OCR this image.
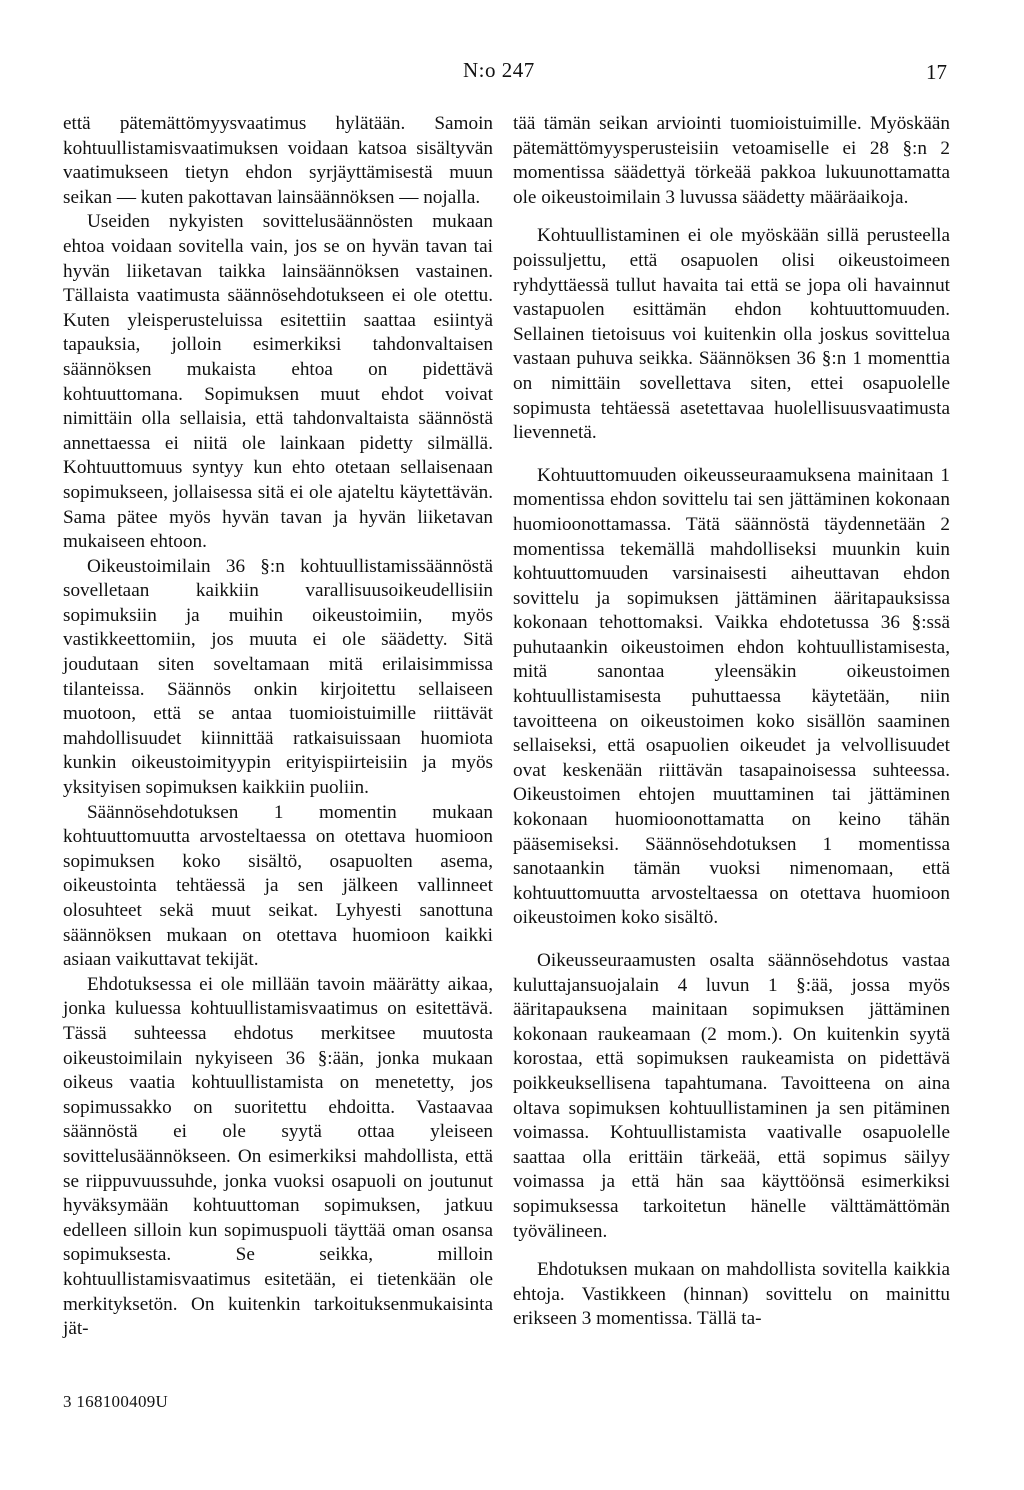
N:o 247	17

että pätemättömyysvaatimus hylätään. Samoin kohtuullistamisvaatimuksen voidaan katsoa sisältyvän vaatimukseen tietyn ehdon syrjäyttämisestä muun seikan — kuten pakottavan lainsäännöksen — nojalla.

Useiden nykyisten sovittelusäännösten mukaan ehtoa voidaan sovitella vain, jos se on hyvän tavan tai hyvän liiketavan taikka lainsäännöksen vastainen. Tällaista vaatimusta säännösehdotukseen ei ole otettu. Kuten yleisperusteluissa esitettiin saattaa esiintyä tapauksia, jolloin esimerkiksi tahdonvaltaisen säännöksen mukaista ehtoa on pidettävä kohtuuttomana. Sopimuksen muut ehdot voivat nimittäin olla sellaisia, että tahdonvaltaista säännöstä annettaessa ei niitä ole lainkaan pidetty silmällä. Kohtuuttomuus syntyy kun ehto otetaan sellaisenaan sopimukseen, jollaisessa sitä ei ole ajateltu käytettävän. Sama pätee myös hyvän tavan ja hyvän liiketavan mukaiseen ehtoon.

Oikeustoimilain 36 §:n kohtuullistamissäännöstä sovelletaan kaikkiin varallisuusoikeudellisiin sopimuksiin ja muihin oikeustoimiin, myös vastikkeettomiin, jos muuta ei ole säädetty. Sitä joudutaan siten soveltamaan mitä erilaisimmissa tilanteissa. Säännös onkin kirjoitettu sellaiseen muotoon, että se antaa tuomioistuimille riittävät mahdollisuudet kiinnittää ratkaisuissaan huomiota kunkin oikeustoimityypin erityispiirteisiin ja myös yksityisen sopimuksen kaikkiin puoliin.

Säännösehdotuksen 1 momentin mukaan kohtuuttomuutta arvosteltaessa on otettava huomioon sopimuksen koko sisältö, osapuolten asema, oikeustointa tehtäessä ja sen jälkeen vallinneet olosuhteet sekä muut seikat. Lyhyesti sanottuna säännöksen mukaan on otettava huomioon kaikki asiaan vaikuttavat tekijät.

Ehdotuksessa ei ole millään tavoin määrätty aikaa, jonka kuluessa kohtuullistamisvaatimus on esitettävä. Tässä suhteessa ehdotus merkitsee muutosta oikeustoimilain nykyiseen 36 §:ään, jonka mukaan oikeus vaatia kohtuullistamista on menetetty, jos sopimussakko on suoritettu ehdoitta. Vastaavaa säännöstä ei ole syytä ottaa yleiseen sovittelusäännökseen. On esimerkiksi mahdollista, että se riippuvuussuhde, jonka vuoksi osapuoli on joutunut hyväksymään kohtuuttoman sopimuksen, jatkuu edelleen silloin kun sopimuspuoli täyttää oman osansa sopimuksesta. Se seikka, milloin kohtuullistamisvaatimus esitetään, ei tietenkään ole merkityksetön. On kuitenkin tarkoituksenmukaisinta jät-

tää tämän seikan arviointi tuomioistuimille. Myöskään pätemättömyysperusteisiin vetoamiselle ei 28 §:n 2 momentissa säädettyä törkeää pakkoa lukuunottamatta ole oikeustoimilain 3 luvussa säädetty määräaikoja.

Kohtuullistaminen ei ole myöskään sillä perusteella poissuljettu, että osapuolen olisi oikeustoimeen ryhdyttäessä tullut havaita tai että se jopa oli havainnut vastapuolen esittämän ehdon kohtuuttomuuden. Sellainen tietoisuus voi kuitenkin olla joskus sovittelua vastaan puhuva seikka. Säännöksen 36 §:n 1 momenttia on nimittäin sovellettava siten, ettei osapuolelle sopimusta tehtäessä asetettavaa huolellisuusvaatimusta lievennetä.

Kohtuuttomuuden oikeusseuraamuksena mainitaan 1 momentissa ehdon sovittelu tai sen jättäminen kokonaan huomioonottamassa. Tätä säännöstä täydennetään 2 momentissa tekemällä mahdolliseksi muunkin kuin kohtuuttomuuden varsinaisesti aiheuttavan ehdon sovittelu ja sopimuksen jättäminen ääritapauksissa kokonaan tehottomaksi. Vaikka ehdotetussa 36 §:ssä puhutaankin oikeustoimen ehdon kohtuullistamisesta, mitä sanontaa yleensäkin oikeustoimen kohtuullistamisesta puhuttaessa käytetään, niin tavoitteena on oikeustoimen koko sisällön saaminen sellaiseksi, että osapuolien oikeudet ja velvollisuudet ovat keskenään riittävän tasapainoisessa suhteessa. Oikeustoimen ehtojen muuttaminen tai jättäminen kokonaan huomioonottamatta on keino tähän pääsemiseksi. Säännösehdotuksen 1 momentissa sanotaankin tämän vuoksi nimenomaan, että kohtuuttomuutta arvosteltaessa on otettava huomioon oikeustoimen koko sisältö.

Oikeusseuraamusten osalta säännösehdotus vastaa kuluttajansuojalain 4 luvun 1 §:ää, jossa myös ääritapauksena mainitaan sopimuksen jättäminen kokonaan raukeamaan (2 mom.). On kuitenkin syytä korostaa, että sopimuksen raukeamista on pidettävä poikkeuksellisena tapahtumana. Tavoitteena on aina oltava sopimuksen kohtuullistaminen ja sen pitäminen voimassa. Kohtuullistamista vaativalle osapuolelle saattaa olla erittäin tärkeää, että sopimus säilyy voimassa ja että hän saa käyttöönsä esimerkiksi sopimuksessa tarkoitetun hänelle välttämättömän työvälineen.

Ehdotuksen mukaan on mahdollista sovitella kaikkia ehtoja. Vastikkeen (hinnan) sovittelu on mainittu erikseen 3 momentissa. Tällä ta-

3 168100409U
